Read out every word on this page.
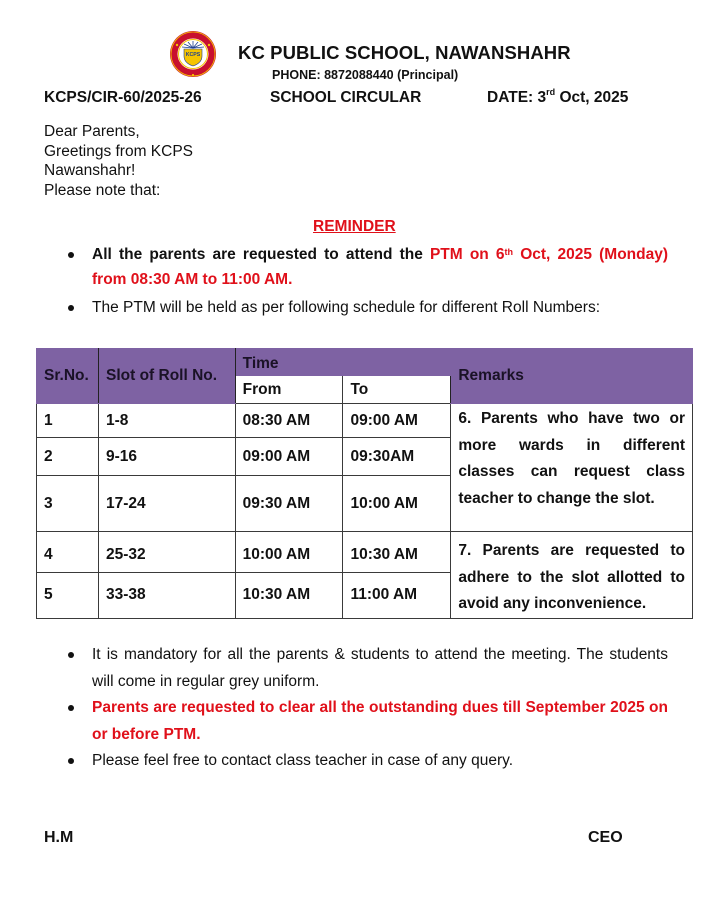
KCPS KC PUBLIC SCHOOL, NAWANSHAHR
PHONE: 8872088440 (Principal)
KCPS/CIR-60/2025-26	SCHOOL CIRCULAR	DATE: 3rd Oct, 2025
Dear Parents,
Greetings from KCPS
Nawanshahr!
Please note that:
REMINDER
All the parents are requested to attend the PTM on 6th Oct, 2025 (Monday) from 08:30 AM to 11:00 AM.
The PTM will be held as per following schedule for different Roll Numbers:
Sr.No.	Slot of Roll No.	Time		Remarks
		From	To	
1	1-8	08:30 AM	09:00 AM	6. Parents who have two or more wards in different classes can request class teacher to change the slot.
2	9-16	09:00 AM	09:30AM	
3	17-24	09:30 AM	10:00 AM	
4	25-32	10:00 AM	10:30 AM	7. Parents are requested to adhere to the slot allotted to avoid any inconvenience.
5	33-38	10:30 AM	11:00 AM	
It is mandatory for all the parents & students to attend the meeting. The students will come in regular grey uniform.
Parents are requested to clear all the outstanding dues till September 2025 on or before PTM.
Please feel free to contact class teacher in case of any query.
H.M	CEO
